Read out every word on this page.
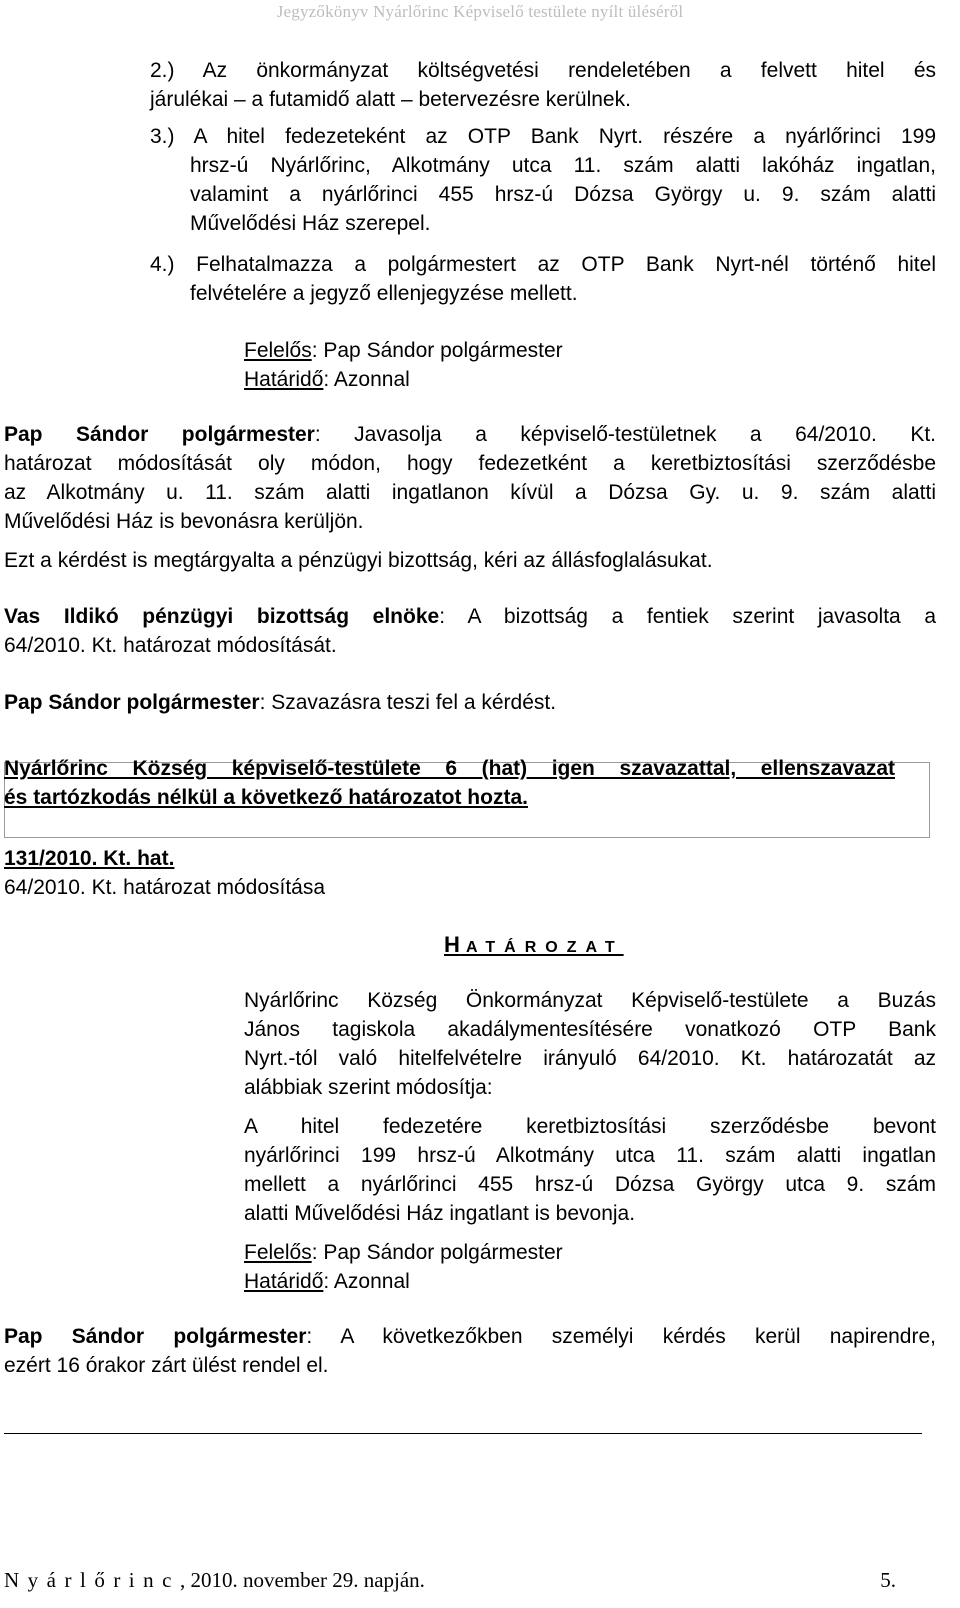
Jegyzőkönyv Nyárlőrinc Képviselő testülete nyílt üléséről
2.) Az önkormányzat költségvetési rendeletében a felvett hitel és
járulékai – a futamidő alatt – betervezésre kerülnek.
3.) A hitel fedezeteként az OTP Bank Nyrt. részére a nyárlőrinci 199
hrsz-ú Nyárlőrinc, Alkotmány utca 11. szám alatti lakóház ingatlan,
valamint a nyárlőrinci 455 hrsz-ú Dózsa György u. 9. szám alatti
Művelődési Ház szerepel.
4.) Felhatalmazza a polgármestert az OTP Bank Nyrt-nél történő hitel
felvételére a jegyző ellenjegyzése mellett.
Felelős: Pap Sándor polgármester
Határidő: Azonnal
Pap Sándor polgármester: Javasolja a képviselő-testületnek a 64/2010. Kt.
határozat módosítását oly módon, hogy fedezetként a keretbiztosítási szerződésbe
az Alkotmány u. 11. szám alatti ingatlanon kívül a Dózsa Gy. u. 9. szám alatti
Művelődési Ház is bevonásra kerüljön.
Ezt a kérdést is megtárgyalta a pénzügyi bizottság, kéri az állásfoglalásukat.
Vas Ildikó pénzügyi bizottság elnöke: A bizottság a fentiek szerint javasolta a
64/2010. Kt. határozat módosítását.
Pap Sándor polgármester: Szavazásra teszi fel a kérdést.
Nyárlőrinc Község képviselő-testülete 6 (hat) igen szavazattal, ellenszavazat
és tartózkodás nélkül a következő határozatot hozta.
131/2010. Kt. hat.
64/2010. Kt. határozat módosítása
H ATÁROZAT
Nyárlőrinc Község Önkormányzat Képviselő-testülete a Buzás
János tagiskola akadálymentesítésére vonatkozó OTP Bank
Nyrt.-tól való hitelfelvételre irányuló 64/2010. Kt. határozatát az
alábbiak szerint módosítja:
A hitel fedezetére keretbiztosítási szerződésbe bevont
nyárlőrinci 199 hrsz-ú Alkotmány utca 11. szám alatti ingatlan
mellett a nyárlőrinci 455 hrsz-ú Dózsa György utca 9. szám
alatti Művelődési Ház ingatlant is bevonja.
Felelős: Pap Sándor polgármester
Határidő: Azonnal
Pap Sándor polgármester: A következőkben személyi kérdés kerül napirendre,
ezért 16 órakor zárt ülést rendel el.
Nyárlőrinc, 2010. november 29. napján.	5.
